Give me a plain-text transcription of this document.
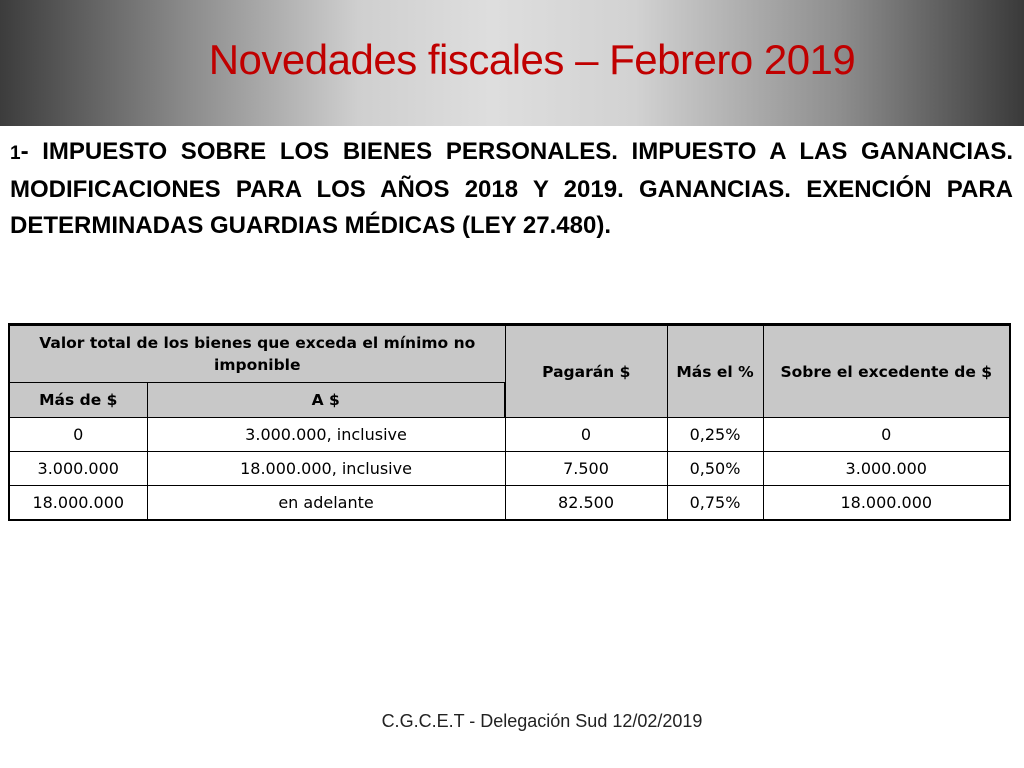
Novedades fiscales – Febrero 2019
1- IMPUESTO SOBRE LOS BIENES PERSONALES. IMPUESTO A LAS GANANCIAS. MODIFICACIONES PARA LOS AÑOS 2018 Y 2019. GANANCIAS. EXENCIÓN PARA DETERMINADAS GUARDIAS MÉDICAS (LEY 27.480).
Valor total de los bienes que exceda el mínimo no imponible		Pagarán $	Más el %	Sobre el excedente de $
Más de $	A $			
0	3.000.000, inclusive	0	0,25%	0
3.000.000	18.000.000, inclusive	7.500	0,50%	3.000.000
18.000.000	en adelante	82.500	0,75%	18.000.000
C.G.C.E.T - Delegación Sud 12/02/2019
